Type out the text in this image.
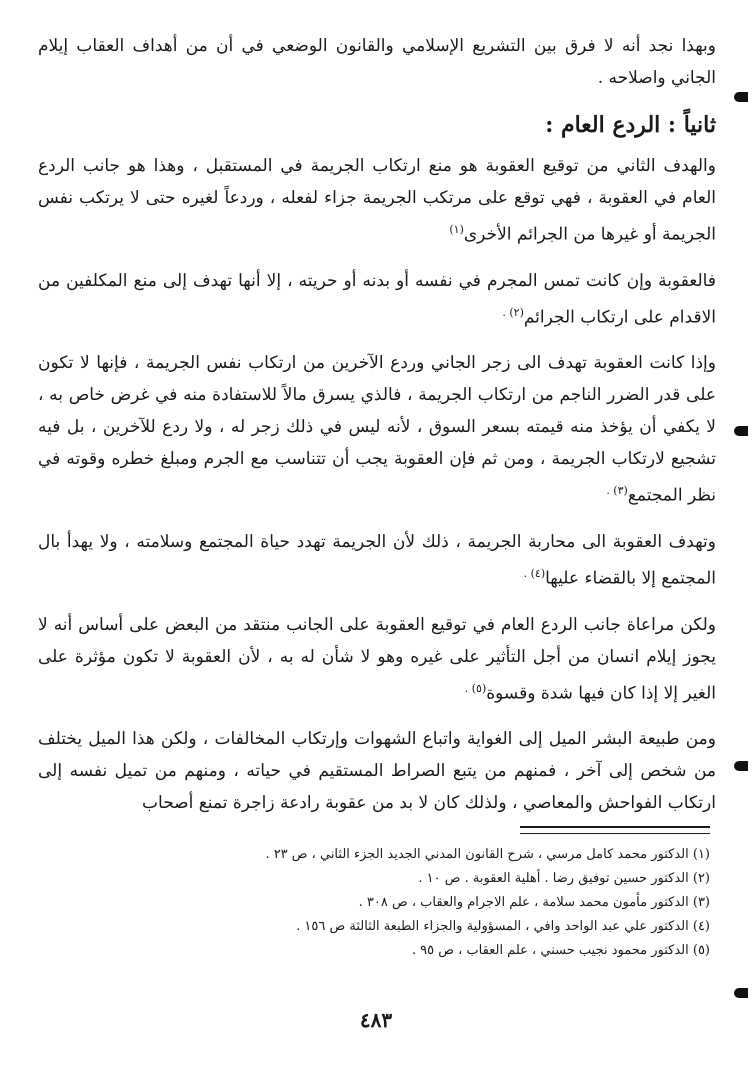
وبهذا نجد أنه لا فرق بين التشريع الإسلامي والقانون الوضعي في أن من أهداف العقاب إيلام الجاني واصلاحه .

ثانياً : الردع العام :

والهدف الثاني من توقيع العقوبة هو منع ارتكاب الجريمة في المستقبل ، وهذا هو جانب الردع العام في العقوبة ، فهي توقع على مرتكب الجريمة جزاء لفعله ، وردعاً لغيره حتى لا يرتكب نفس الجريمة أو غيرها من الجرائم الأخرى$^{(١)}$

فالعقوبة وإن كانت تمس المجرم في نفسه أو بدنه أو حريته ، إلا أنها تهدف إلى منع المكلفين من الاقدام على ارتكاب الجرائم$^{(٢) .}$

وإذا كانت العقوبة تهدف الى زجر الجاني وردع الآخرين من ارتكاب نفس الجريمة ، فإنها لا تكون على قدر الضرر الناجم من ارتكاب الجريمة ، فالذي يسرق مالاً للاستفادة منه في غرض خاص به ، لا يكفي أن يؤخذ منه قيمته بسعر السوق ، لأنه ليس في ذلك زجر له ، ولا ردع للآخرين ، بل فيه تشجيع لارتكاب الجريمة ، ومن ثم فإن العقوبة يجب أن تتناسب مع الجرم ومبلغ خطره وقوته في نظر المجتمع$^{(٣) .}$

وتهدف العقوبة الى محاربة الجريمة ، ذلك لأن الجريمة تهدد حياة المجتمع وسلامته ، ولا يهدأ بال المجتمع إلا بالقضاء عليها$^{(٤) .}$

ولكن مراعاة جانب الردع العام في توقيع العقوبة على الجانب منتقد من البعض على أساس أنه لا يجوز إيلام انسان من أجل التأثير على غيره وهو لا شأن له به ، لأن العقوبة لا تكون مؤثرة على الغير إلا إذا كان فيها شدة وقسوة$^{(٥) .}$

ومن طبيعة البشر الميل إلى الغواية واتباع الشهوات وإرتكاب المخالفات ، ولكن هذا الميل يختلف من شخص إلى آخر ، فمنهم من يتبع الصراط المستقيم في حياته ، ومنهم من تميل نفسه إلى ارتكاب الفواحش والمعاصي ، ولذلك كان لا بد من عقوبة رادعة زاجرة تمنع أصحاب

(١) الدكتور محمد كامل مرسي ، شرح القانون المدني الجديد الجزء الثاني ، ص ٢٣ .

(٢) الدكتور حسين توفيق رضا . أهلية العقوبة . ص ١٠ .

(٣) الدكتور مأمون محمد سلامة ، علم الاجرام والعقاب ، ص ٣٠٨ .

(٤) الدكتور علي عبد الواحد وافي ، المسؤولية والجزاء الطبعة الثالثة ص ١٥٦ .

(٥) الدكتور محمود نجيب حسني ، علم العقاب ، ص ٩٥ .

٤٨٣
